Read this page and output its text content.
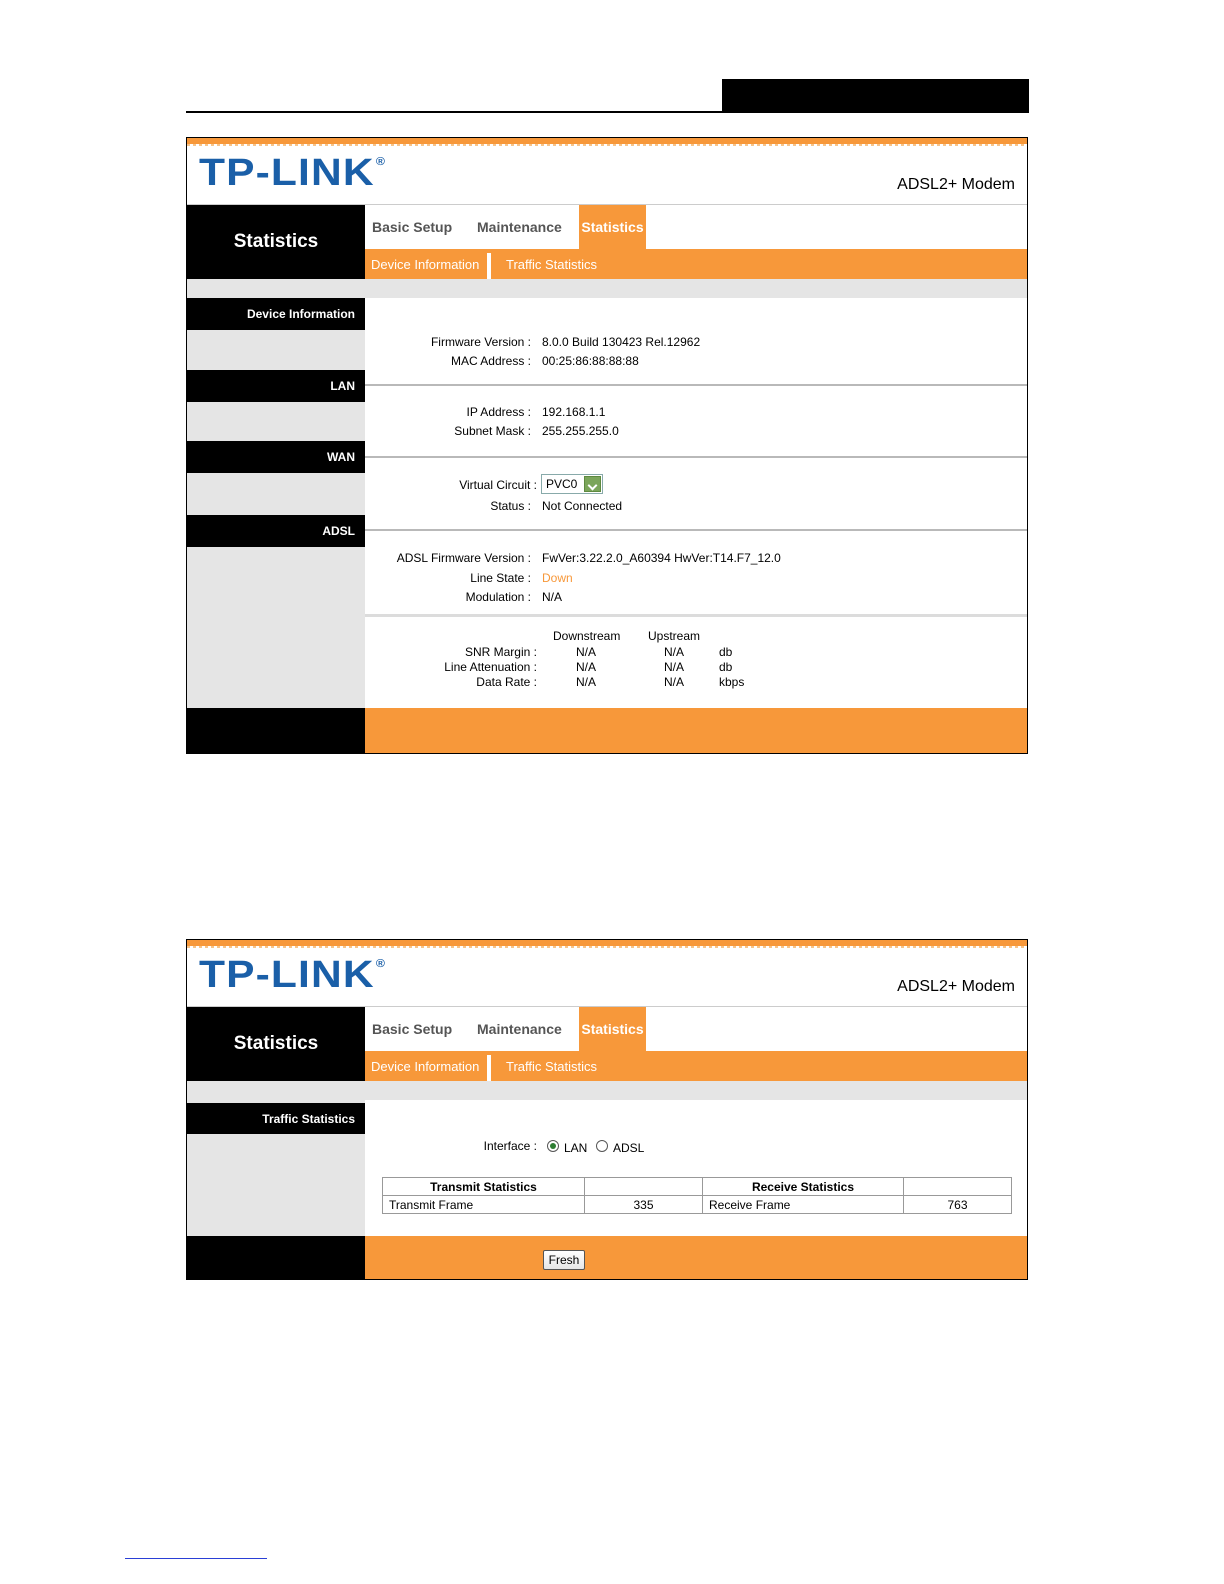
TP-LINK®
ADSL2+ Modem
Statistics
Basic Setup Maintenance Statistics
Device Information Traffic Statistics
Device Information
LAN
WAN
ADSL
Firmware Version : 8.0.0 Build 130423 Rel.12962
MAC Address : 00:25:86:88:88:88
IP Address : 192.168.1.1
Subnet Mask : 255.255.255.0
Virtual Circuit : PVC0
Status : Not Connected
ADSL Firmware Version : FwVer:3.22.2.0_A60394 HwVer:T14.F7_12.0
Line State : Down
Modulation : N/A
Downstream Upstream
SNR Margin :	N/A	N/A	db
Line Attenuation :	N/A	N/A	db
Data Rate :	N/A	N/A	kbps
TP-LINK®
ADSL2+ Modem
Statistics
Basic Setup Maintenance Statistics
Device Information Traffic Statistics
Traffic Statistics
Interface : LAN ADSL
Transmit Statistics		Receive Statistics	
Transmit Frame	335	Receive Frame	763
Fresh
